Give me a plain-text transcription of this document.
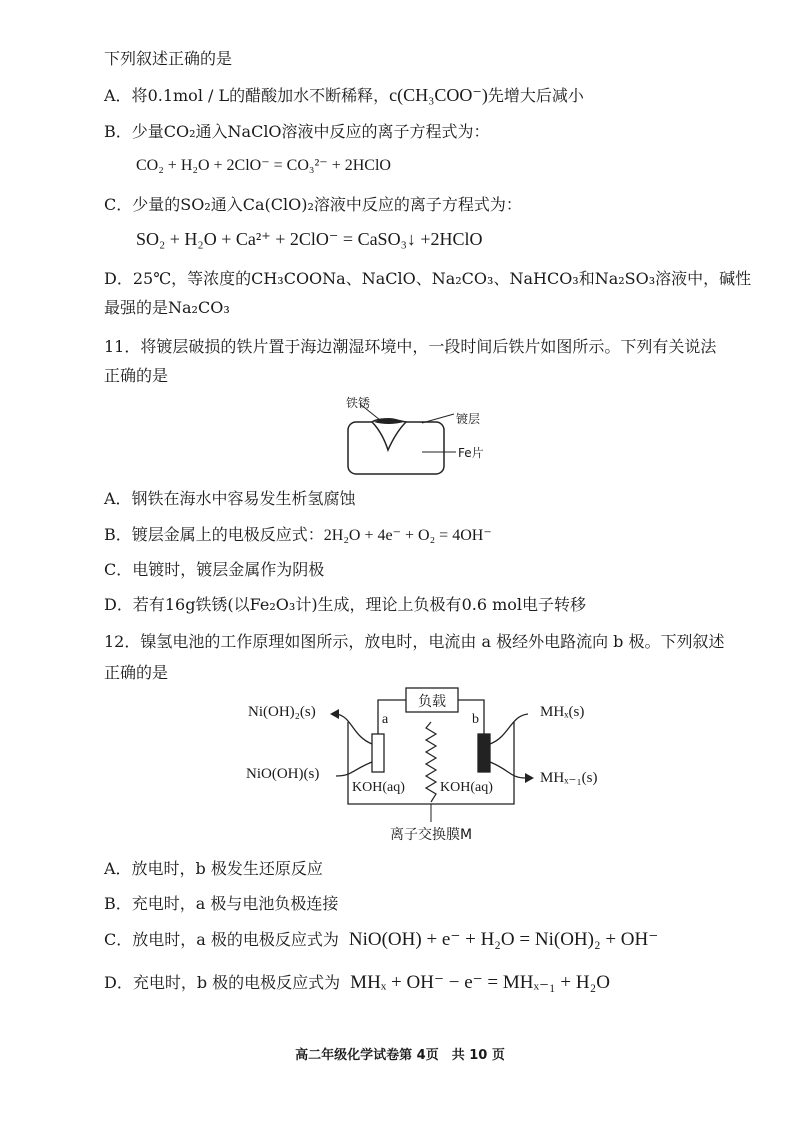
下列叙述正确的是
A．将0.1mol / L的醋酸加水不断稀释，c(CH₃COO⁻)先增大后减小
B．少量CO₂通入NaClO溶液中反应的离子方程式为：
CO₂ + H₂O + 2ClO⁻ = CO₃²⁻ + 2HClO
C．少量的SO₂通入Ca(ClO)₂溶液中反应的离子方程式为：
SO₂ + H₂O + Ca²⁺ + 2ClO⁻ = CaSO₃↓ +2HClO
D．25℃，等浓度的CH₃COONa、NaClO、Na₂CO₃、NaHCO₃和Na₂SO₃溶液中，碱性
最强的是Na₂CO₃
11．将镀层破损的铁片置于海边潮湿环境中，一段时间后铁片如图所示。下列有关说法
正确的是
铁锈
镀层
Fe片
A．钢铁在海水中容易发生析氢腐蚀
B．镀层金属上的电极反应式：2H₂O + 4e⁻ + O₂ = 4OH⁻
C．电镀时，镀层金属作为阴极
D．若有16g铁锈(以Fe₂O₃计)生成，理论上负极有0.6 mol电子转移
12．镍氢电池的工作原理如图所示，放电时，电流由 a 极经外电路流向 b 极。下列叙述
正确的是
负载
a	b
Ni(OH)₂(s)
NiO(OH)(s)
MHₓ(s)
MHₓ₋₁(s)
KOH(aq)	KOH(aq)
离子交换膜M
A．放电时，b 极发生还原反应
B．充电时，a 极与电池负极连接
C．放电时，a 极的电极反应式为 NiO(OH) + e⁻ + H₂O = Ni(OH)₂ + OH⁻
D．充电时，b 极的电极反应式为 MHₓ + OH⁻ − e⁻ = MHₓ₋₁ + H₂O
高二年级化学试卷第 4页　共 10 页
